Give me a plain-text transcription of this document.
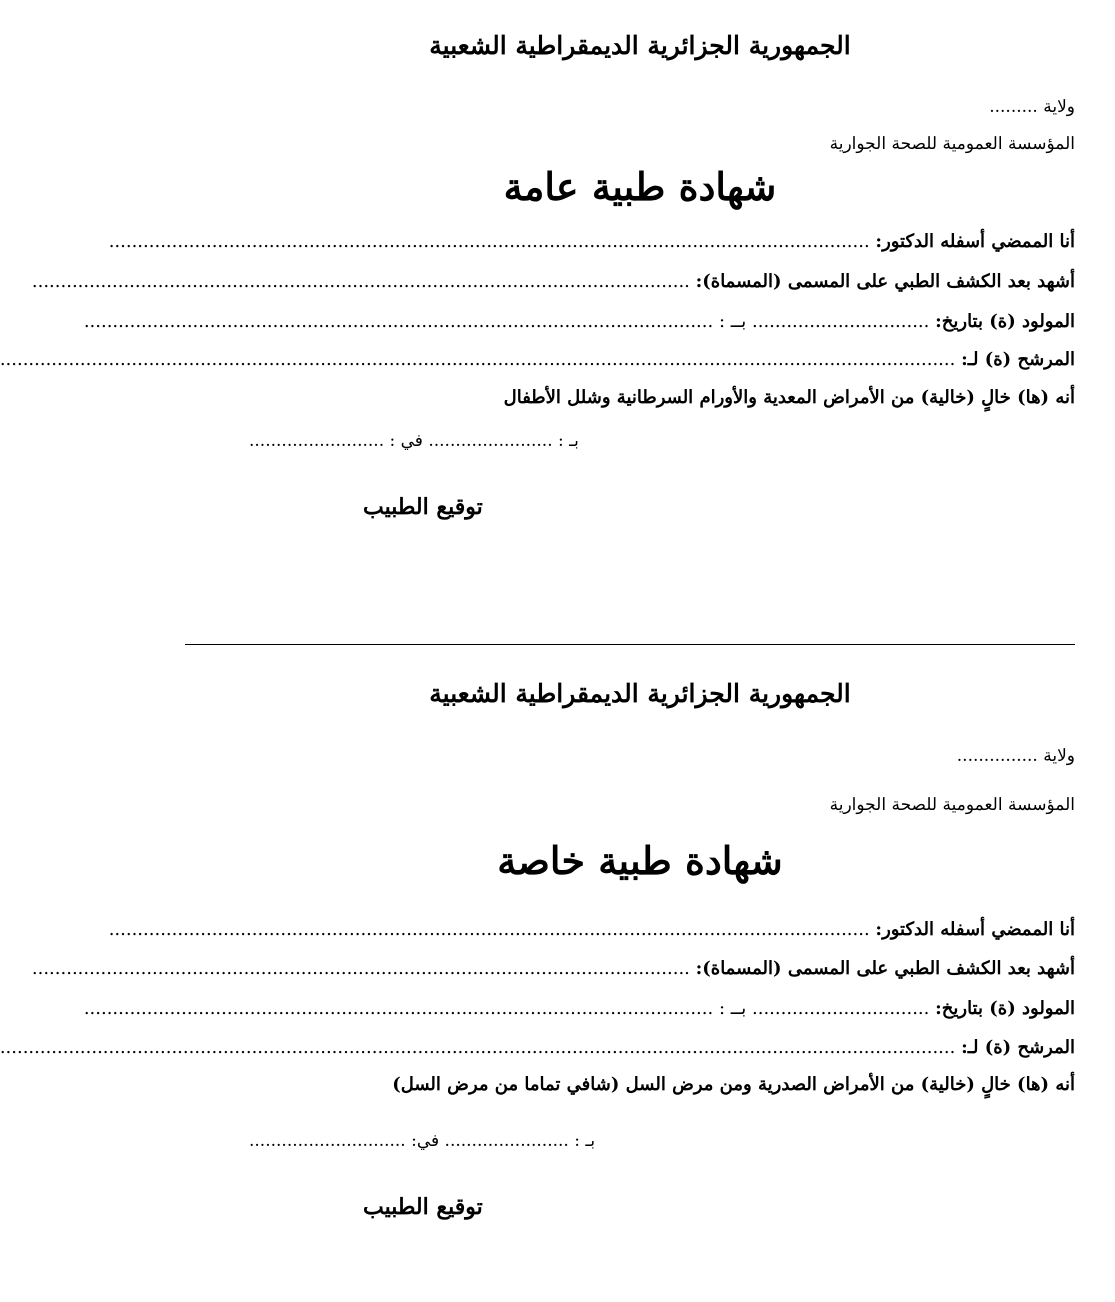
الجمهورية الجزائرية الديمقراطية الشعبية
ولاية .........
المؤسسة العمومية للصحة الجوارية
شهادة طبية عامة
أنا الممضي أسفله الدكتور: .....................................................................................................................................
أشهد بعد الكشف الطبي على المسمى (المسماة): ...................................................................................................................
المولود (ة) بتاريخ: ............................... بــ : ..............................................................................................................
المرشح (ة) لـ: .......................................................................................................................................................................
أنه (ها) خالٍ (خالية) من الأمراض المعدية والأورام السرطانية وشلل الأطفال
بـ : ....................... في : .........................
توقيع الطبيب
الجمهورية الجزائرية الديمقراطية الشعبية
ولاية ...............
المؤسسة العمومية للصحة الجوارية
شهادة طبية خاصة
أنا الممضي أسفله الدكتور: .....................................................................................................................................
أشهد بعد الكشف الطبي على المسمى (المسماة): ...................................................................................................................
المولود (ة) بتاريخ: ............................... بــ : ..............................................................................................................
المرشح (ة) لـ: .......................................................................................................................................................................
أنه (ها) خالٍ (خالية) من الأمراض الصدرية ومن مرض السل (شافي تماما من مرض السل)
بـ : ....................... في: .............................
توقيع الطبيب
